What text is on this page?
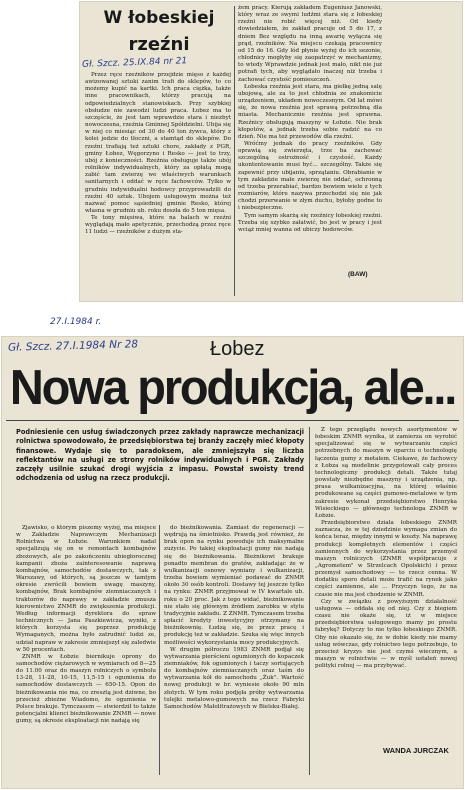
W łobeskiej
rzeźni
Gł. Szcz. 25.IX.84 nr 21

Przez ręce rzeźników przejdzie mięso z każdej awizowanej sztuki zanim trafi do sklepów, to co możemy kupić na kartki. Ich praca ciężka, także inne pracownikach, którzy pracują na odpowiedzialnych stanowiskach. Przy szybkiej obsłudze nie zawodzi ludzi praca. Łobez ma to szczęście, że jest tam wprawdzie stara i niezbyt nowoczesna, rzeźnia Gminnej Spółdzielni. Ubija się w niej co miesiąc od 30 do 40 ton żywca, który z kolei jedzie do tłoczni, a stamtąd do sklepów. Do rzeźni trafiają też sztuki chore, zakłady z PGR, gminy Łobez, Węgorzyno i Resko — jest to trzy, ubój z konieczności. Rzeźnia obsługuje także ubój rolników indywidualnych, który za opłatą mogą zabić tam zwierzę we właściwych warunkach sanitarnych i oddać w ręce fachowców. Tylko w grudniu indywidualni hodowcy przyprowadzili do rzeźni 40 sztuk. Ubojem usługowym można też nazwać pomoc sąsiedniej gminie Resko, której własna w grudniu ub. roku doszła do 5 ton mięsa.

Te tony mięsiwa, które na halach w rzeźni wyglądają mało apetycznie, przechodzą przez ręce 11 ludzi — rzeźników z dużym sta-

żem pracy. Kierują zakładem Eugeniusz Janowski, który wraz ze swymi ludźmi stara się z łobeskiej rzeźni nie robić więcej niż. Od kiedy dowiedziałem, że zakład pracuje od 5 do 17, z dniem Bez względu na inną awarię wyłącza się prąd, rzeźników. Na miejscu czekają pracownicy od 15 do 16. Gdy lód płynie wyżej do ich sezonie, chłodnicy mogłyby się zaopatrzyć w mechanizmy, to wtedy Wprawdzie jednak jest mało, nikt nie już potrafi tych, aby wyglądało inaczej niż trzeba i zachować czystość pomieszczeń.

Łobeska rzeźnia jest stara, ma giełkę jedną salę ubojową, ale za to jest chłodnia ze znakomicie urządzeniem, układem nowoczesnym. Od lat mówi się, że nowa rzeźnia jest sprawą potrzebną dla miasta. Mechanicznie rzeźnia jest sprawna. Rzeźnicy obsługują maszyny w Łobzie. Nie brak kłopotów, a jednak trzeba sobie radzić na co dzień. Nie ma też przewodów dla rzeźni.

Wróćmy jednak do pracy rzeźników. Gdy oprawią się zwierzęta, trze ba zachować szczególną ostrożność i czystość. Każdy ukontentowanie musi być... szczególny. Także się zapewnić przy ubijaniu, sprzątaniu. Obrabianie w tym zakładzie małe zwierzę nie oddać, ochronną od trzeba przerabiać, bardzo bowiem wiele z tych rozmiarów, które nazywa przechodzi się nie jak chodzi przerwanie w złym duchu, byłoby godne to i niebezpieczne.

Tym samym skarżą się rzeźnicy łobeskiej rzeźni. Trzeba się szybko załatwić, bo jest w pracy i jest wciąż mniej wanna od ubiczy hodowców.

(BAW)
27.I.1984 r.
Gł. Szcz. 27.I.1984 Nr 28	Łobez
Nowa produkcja, ale...
Podniesienie cen usług świadczonych przez zakłady naprawcze mechanizacji rolnictwa spowodowało, że przedsiębiorstwa tej branży zaczęły mieć kłopoty finansowe. Wydaje się to paradoksem, ale zmniejszyła się liczba reflektantów na usługi ze strony rolników indywidualnych i PGR. Zakłady zaczęły usilnie szukać drogi wyjścia z impasu. Powstał swoisty trend odchodzenia od usług na rzecz produkcji.

Z tego przeglądu nowych asortymentów w łobeskim ZNMR wynika, iż zamierza on wyrobić specjalizować się w wytwarzaniu części potrzebnych do maszyn w oparciu o technologię łączenia gumy z metalem. Ciekawe, że fachowcy z Łobza są modelinie przygotowali cały proces technologiczny produkcji detali. Także tutaj powstały niezbędne maszyny i urządzenia, np. prasa wulkanizacyjna, na której właśnie produkowane są części gumowo-metalowe w tym zakresie wykonał przedsiębiorstwo Henryka Wisieckiego — głównego technologa ZNMR w Łobzie.

Przedsiębiorstwo działa łobeskiego ZNMR zaznacza, że w tej dziedzinie wymaga zmian do końca teraz, między innymi w koszty. Na naprawę produkcji kompletnych elementów i części zamiennych do wykorzystania przez przemysł maszyn rolniczych (ZNMR współpracuje z „Agrometem" w Strzelcach Opolskich) i przez przemysł samochodowy — to rzecz cenna. W dodatku sporo detali może trafić na rynek jako części zamienne, ale ... Przyczyn tego, że na czasie nie ma jest chodzenie w ZNMR.

Czy w związku z powyższym działalność usługowa — oddała się od niej. Czy z biegiem czasu nie okaże się, iż w miejsce przedsiębiorstwa usługowego mamy po prostu fabrykę? Dotyczy to nie tylko łobeskiego ZNMR. Oby nie okazało się, że w dobie kiedy nie mamy usług wówczas, gdy rolnictwo tego potrzebuje, to przecież kryzys nie jest czymś wiecznym, a maszyn w rolnictwie — w myśl ustaleń nowej polityki rolnej — ma przybywać.

Zjawisko, o którym piszemy wyżej, ma miejsce w Zakładzie Naprawczym Mechanizacji Rolnictwa w Łobzie. Warunkiem nadal specjalizują się on w remontach kombajnów zbożowych, ale po zakończeniu ubiegłorocznej kampanii zboża zainteresowanie naprawą kombajnów, samochodów dostawczych, tak z Warszawy, od których, są jeszcze w tamtym okresie zwrócili bowiem uwagę maszyny, kombajnów, Brak kombajnów ziemniaczanych i traktorów do naprawy w zakładzie zmusza kierownictwo ZNMR do zwiększenia produkcji. Według informacji dyrektora do spraw technicznych — Jana Paszkiewicza, wyniki, z których korzysta się poprzez produkcję Wymaganych, można było zatrudnić ludzi ze, udział napraw w zakresie zmniejszył się zaledwie w 50 procentach.

ZNMR w Łobzie biernikuje oprony do samochodów ciężarowych w wymiarach od 8—25 do 11.00 oraz do maszyn rolniczych o symbolu 13-28, 11-28, 10-15, 11,5-15 i ogumienia do samochodów dostawczych — 650-15. Opon do bieżnikowania nie ma, co zresztą jest dziwne, bo przecież zbieżne Wiadomo, że ogumienia w Polsce brakuje. Tymczasem — stwierdził to także potencjalni klienci bieżnikowanie ZNMR — nowe gumy, są okresie eksploatacji nie nadają się

do bieżnikowania. Zamiast do regeneracji — wędrują na śmietnisko. Prawdą jest również, że brak opon na rynku powoduje ich maksymalne zużycie. Po takiej eksploatacji gumy nie nadają się do bieżnikowania. Bieżnikowi brakuje ponadto membran do gratów, zakładając że w wulkanizacji osnowy wymiany i wulkanizacji, trzeba bowiem wymieniać podawać do ZNMR około 30 osób kontroli. Dostawy tej jeszcze tylko na rynku: ZNMR przyjmował w IV kwartale ub. roku o 20 proc. Jak z tego widać, bieżnikowanie nie stało się głównym źródłem zarobku w stylu tradycyjnie zakładu. Z ZNMR. Tymczasem trzeba spłacić kredyty inwestycyjny otrzymany na bieżnikownię. Łudzą się, że przez pracę i produkcję też w zakładzie. Szuka się więc innych możliwości wykorzystania mocy produkcyjnych.

W drugim półroczu 1983 ZNMR podjął się wytwarzania pierścieni ogumionych do kopaczek ziemniaków, fok ogumionych i taczy sortujących do kombajnów ziemniaczanych oraz taśm do wytwarzania kół do samochodu „Żuk". Wartość nowej produkcji w br. wyniesie około 90 mln złotych. W tym roku podjęła próby wytwarzania tulejki metalowo-gumowych na rzecz Fabryki Samochodów Małolitrażowych w Bielsku-Białej.

WANDA JURCZAK
